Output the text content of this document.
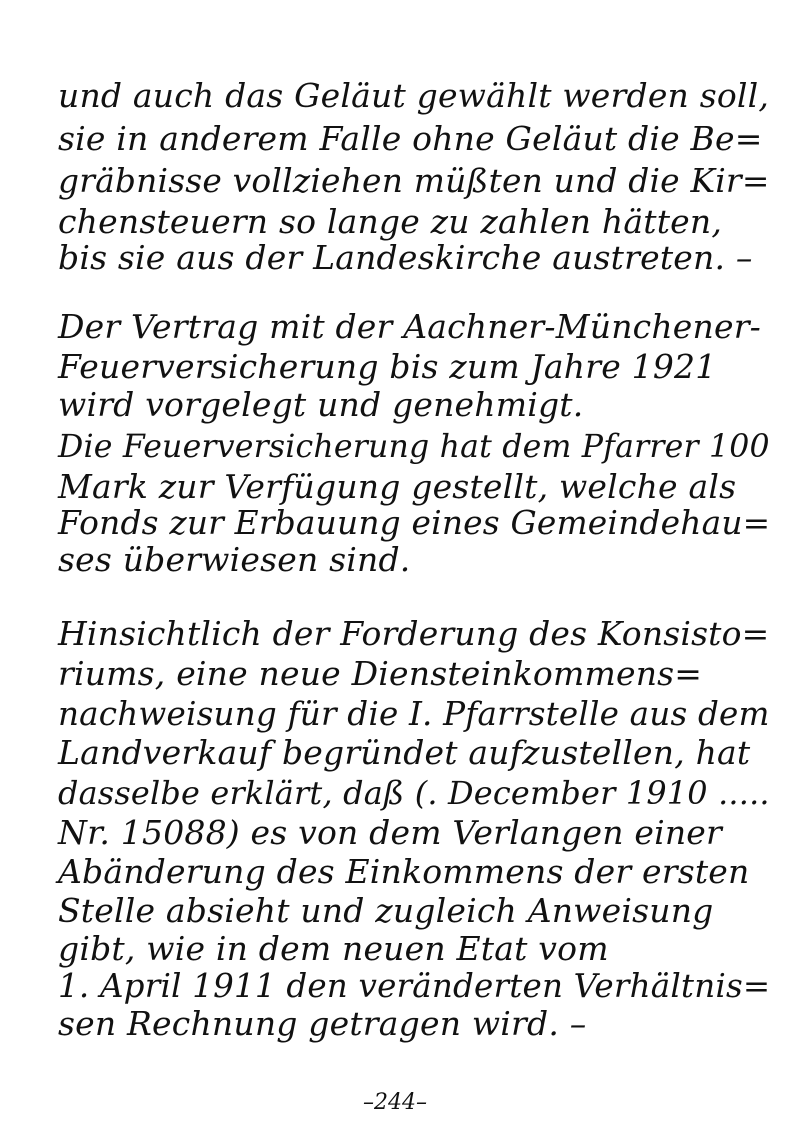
und auch das Geläut gewählt werden soll,
sie in anderem Falle ohne Geläut die Be=
gräbnisse vollziehen müßten und die Kir=
chensteuern so lange zu zahlen hätten,
bis sie aus der Landeskirche austreten. –
Der Vertrag mit der Aachner-Münchener-
Feuerversicherung bis zum Jahre 1921
wird vorgelegt und genehmigt.
Die Feuerversicherung hat dem Pfarrer 100
Mark zur Verfügung gestellt, welche als
Fonds zur Erbauung eines Gemeindehau=
ses überwiesen sind.
Hinsichtlich der Forderung des Konsisto=
riums, eine neue Diensteinkommens=
nachweisung für die I. Pfarrstelle aus dem
Landverkauf begründet aufzustellen, hat
dasselbe erklärt, daß (. December 1910 .....
Nr. 15088) es von dem Verlangen einer
Abänderung des Einkommens der ersten
Stelle absieht und zugleich Anweisung
gibt, wie in dem neuen Etat vom
1. April 1911 den veränderten Verhältnis=
sen Rechnung getragen wird. –
–244–
